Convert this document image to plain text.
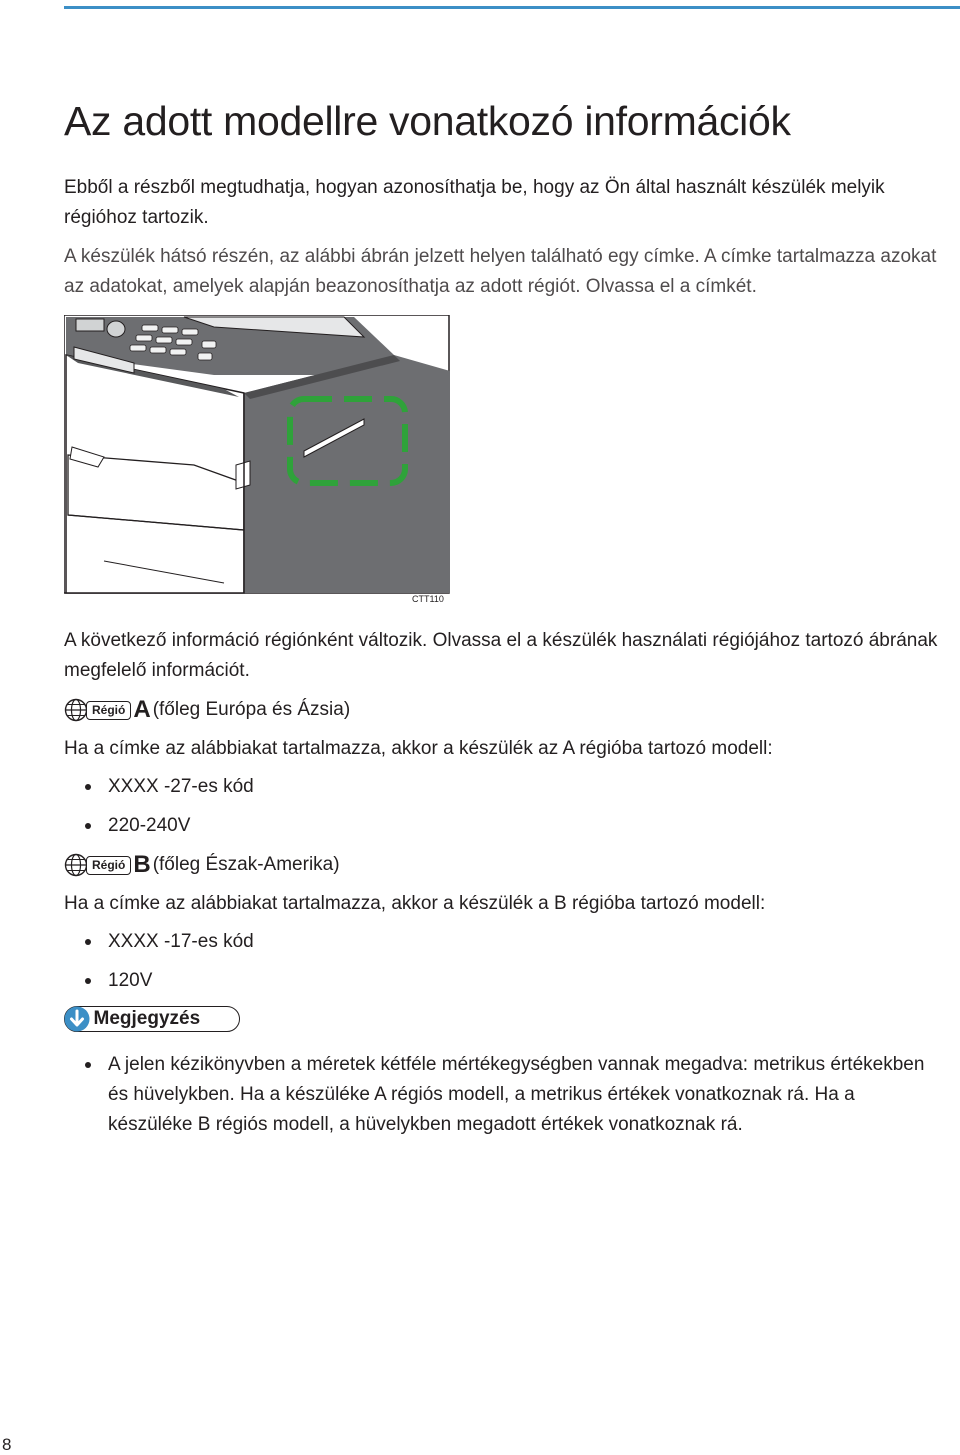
Az adott modellre vonatkozó információk

Ebből a részből megtudhatja, hogyan azonosíthatja be, hogy az Ön által használt készülék melyik régióhoz tartozik.

A készülék hátsó részén, az alábbi ábrán jelzett helyen található egy címke. A címke tartalmazza azokat az adatokat, amelyek alapján beazonosíthatja az adott régiót. Olvassa el a címkét.

CTT110

A következő információ régiónként változik. Olvassa el a készülék használati régiójához tartozó ábrának megfelelő információt.

Régió A (főleg Európa és Ázsia)

Ha a címke az alábbiakat tartalmazza, akkor a készülék az A régióba tartozó modell:

XXXX -27-es kód
220-240V
Régió B (főleg Észak-Amerika)

Ha a címke az alábbiakat tartalmazza, akkor a készülék a B régióba tartozó modell:

XXXX -17-es kód
120V
Megjegyzés
A jelen kézikönyvben a méretek kétféle mértékegységben vannak megadva: metrikus értékekben és hüvelykben. Ha a készüléke A régiós modell, a metrikus értékek vonatkoznak rá. Ha a készüléke B régiós modell, a hüvelykben megadott értékek vonatkoznak rá.
8
